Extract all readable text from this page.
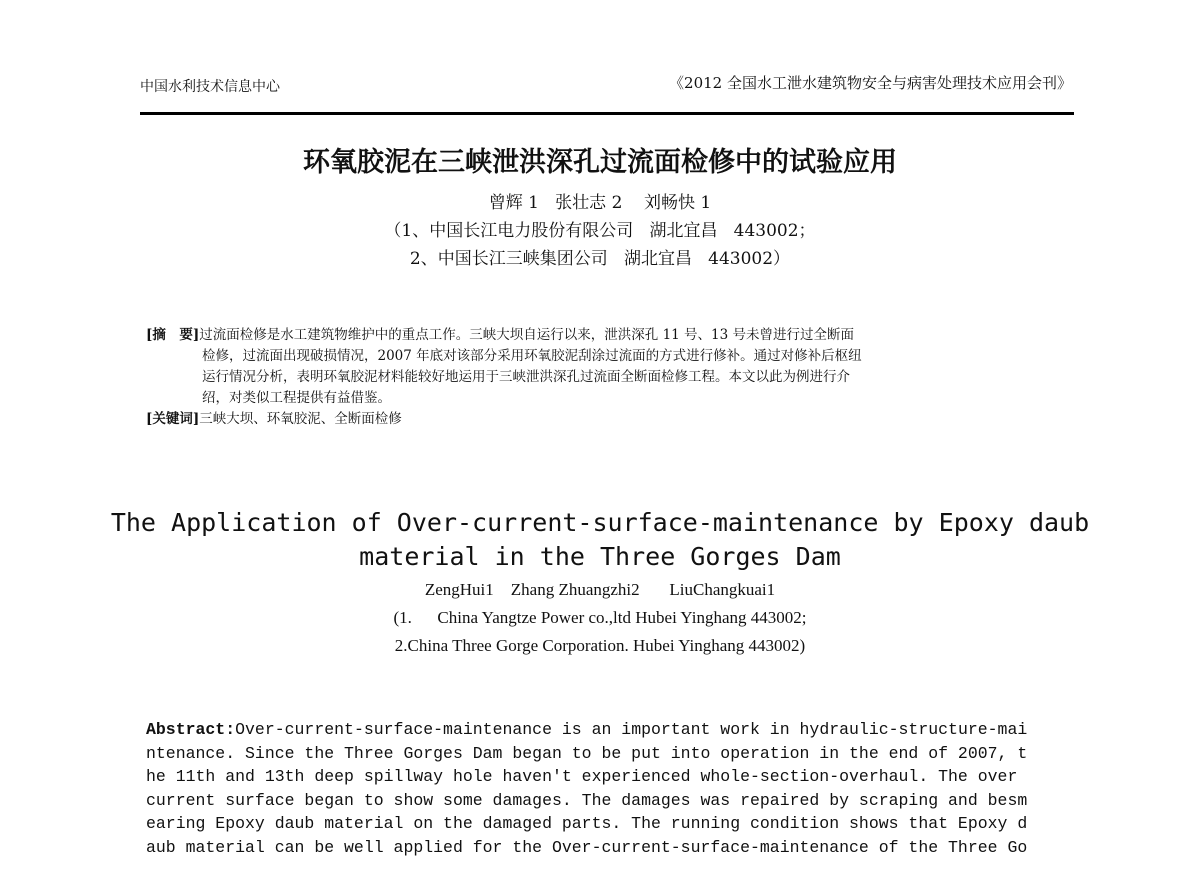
中国水利技术信息中心	《2012 全国水工泄水建筑物安全与病害处理技术应用会刊》
环氧胶泥在三峡泄洪深孔过流面检修中的试验应用
曾辉 1   张壮志 2    刘畅快 1
（1、中国长江电力股份有限公司   湖北宜昌   443002；
2、中国长江三峡集团公司   湖北宜昌   443002）
[摘　要]过流面检修是水工建筑物维护中的重点工作。三峡大坝自运行以来，泄洪深孔 11 号、13 号未曾进行过全断面
检修，过流面出现破损情况，2007 年底对该部分采用环氧胶泥刮涂过流面的方式进行修补。通过对修补后枢纽
运行情况分析，表明环氧胶泥材料能较好地运用于三峡泄洪深孔过流面全断面检修工程。本文以此为例进行介
绍，对类似工程提供有益借鉴。
[关键词]三峡大坝、环氧胶泥、全断面检修
The Application of Over-current-surface-maintenance by Epoxy daub
material in the Three Gorges Dam
ZengHui1    Zhang Zhuangzhi2       LiuChangkuai1
(1.      China Yangtze Power co.,ltd Hubei Yinghang 443002;
2.China Three Gorge Corporation. Hubei Yinghang 443002)
Abstract:Over-current-surface-maintenance is an important work in hydraulic-structure-mai
ntenance. Since the Three Gorges Dam began to be put into operation in the end of 2007, t
he 11th and 13th deep spillway hole haven't experienced whole-section-overhaul. The over
current surface began to show some damages. The damages was repaired by scraping and besm
earing Epoxy daub material on the damaged parts. The running condition shows that Epoxy d
aub material can be well applied for the Over-current-surface-maintenance of the Three Go
